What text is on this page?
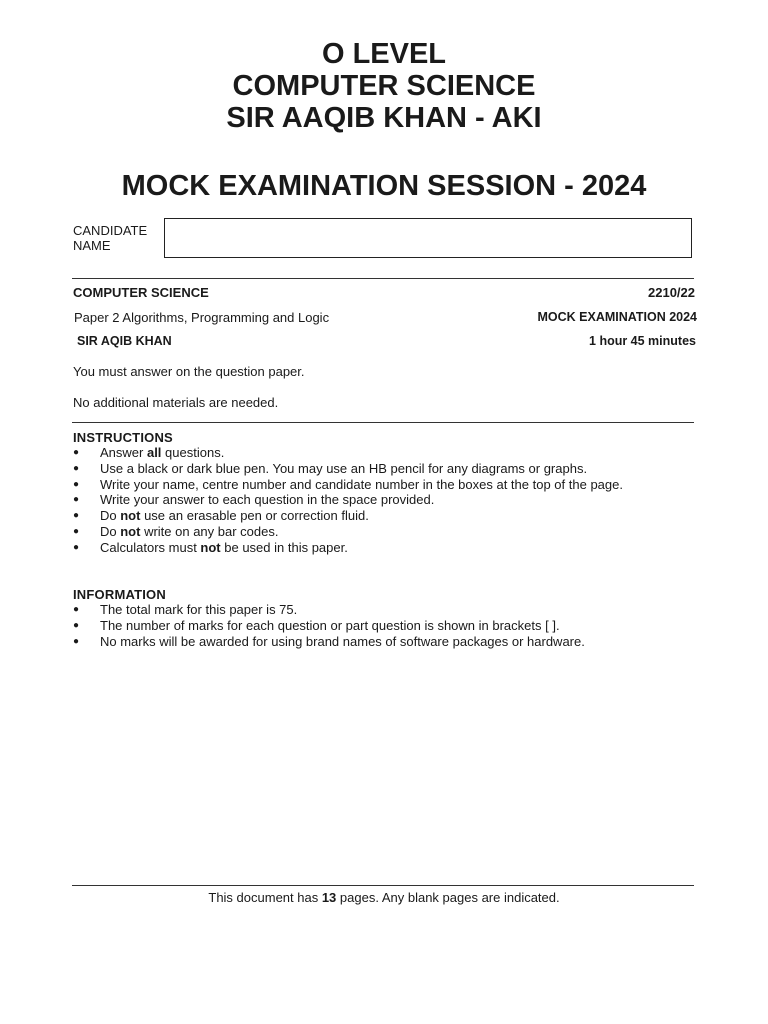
O LEVEL
COMPUTER SCIENCE
SIR AAQIB KHAN - AKI
MOCK EXAMINATION SESSION - 2024
CANDIDATE
NAME
COMPUTER SCIENCE	2210/22
Paper 2 Algorithms, Programming and Logic	MOCK EXAMINATION 2024
SIR AQIB KHAN	1 hour 45 minutes
You must answer on the question paper.
No additional materials are needed.
INSTRUCTIONS
● Answer all questions.
● Use a black or dark blue pen. You may use an HB pencil for any diagrams or graphs.
● Write your name, centre number and candidate number in the boxes at the top of the page.
● Write your answer to each question in the space provided.
● Do not use an erasable pen or correction fluid.
● Do not write on any bar codes.
● Calculators must not be used in this paper.
INFORMATION
● The total mark for this paper is 75.
● The number of marks for each question or part question is shown in brackets [ ].
● No marks will be awarded for using brand names of software packages or hardware.
This document has 13 pages. Any blank pages are indicated.
